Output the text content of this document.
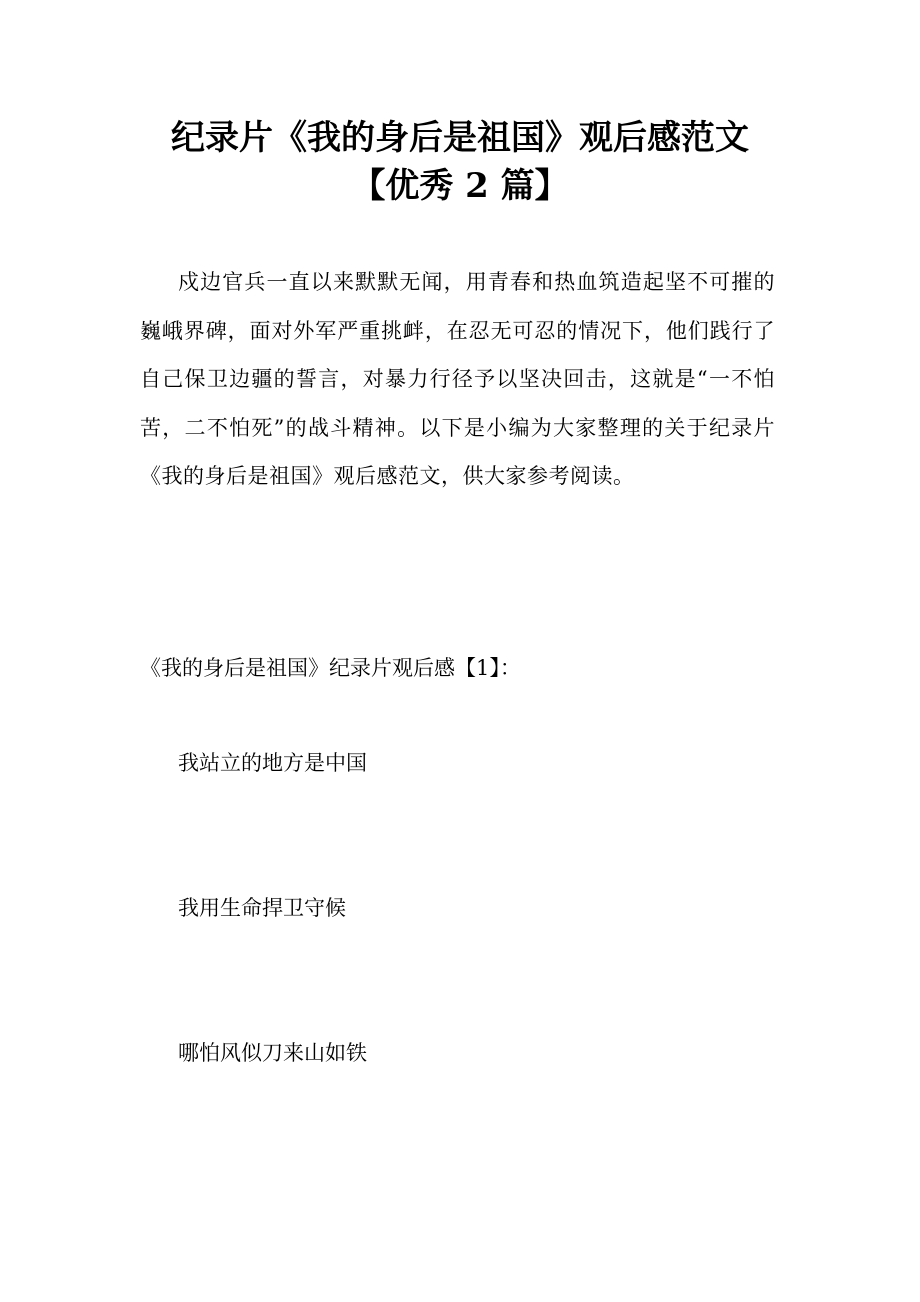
纪录片《我的身后是祖国》观后感范文
【优秀 2 篇】

戍边官兵一直以来默默无闻，用青春和热血筑造起坚不可摧的巍峨界碑，面对外军严重挑衅，在忍无可忍的情况下，他们践行了自己保卫边疆的誓言，对暴力行径予以坚决回击，这就是“一不怕苦，二不怕死”的战斗精神。以下是小编为大家整理的关于纪录片《我的身后是祖国》观后感范文，供大家参考阅读。

《我的身后是祖国》纪录片观后感【1】：

我站立的地方是中国

我用生命捍卫守候

哪怕风似刀来山如铁
